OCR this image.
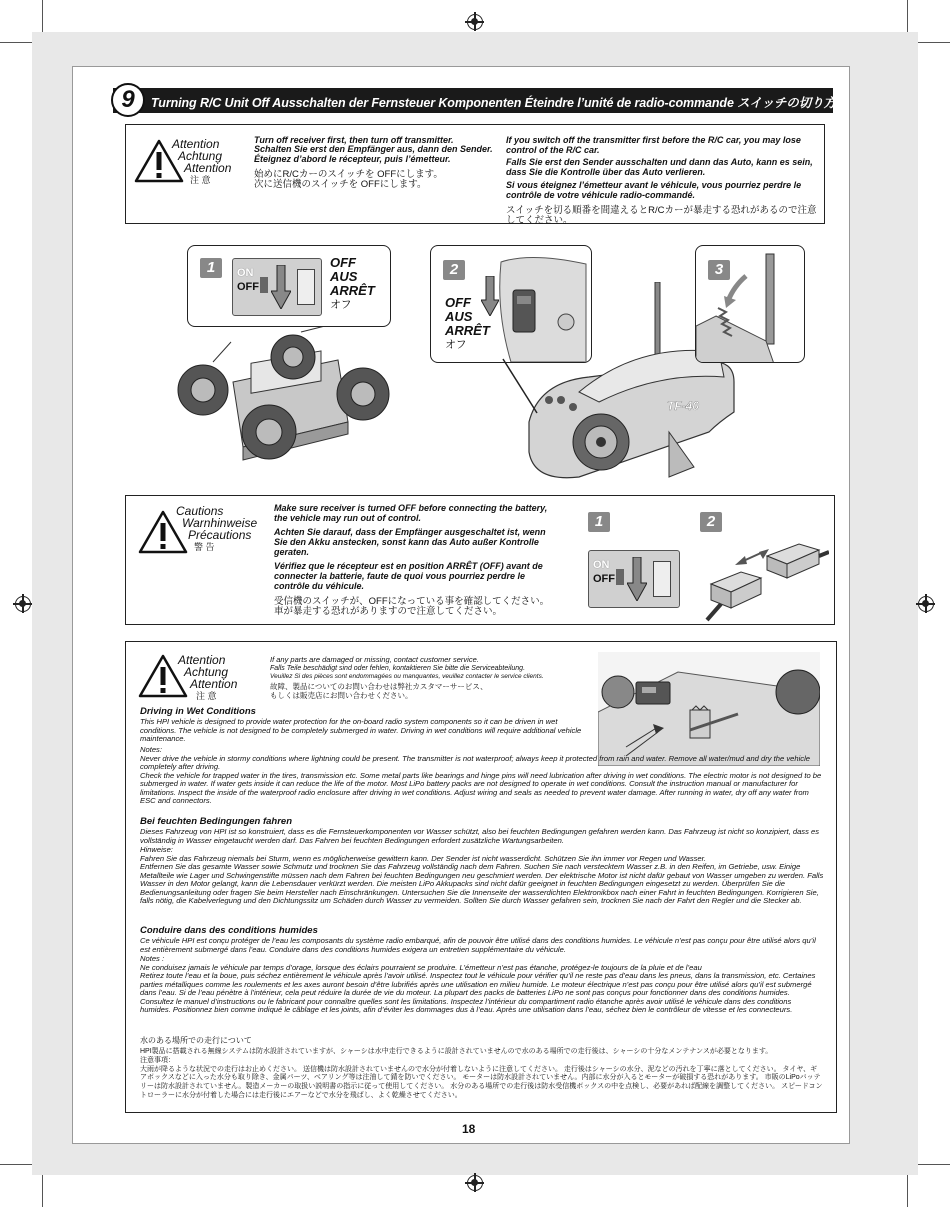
9	Turning R/C Unit Off Ausschalten der Fernsteuer Komponenten Éteindre l’unité de radio-commande スイッチの切り方
Attention
Achtung
Attention
注 意
Turn off receiver first, then turn off transmitter.
Schalten Sie erst den Empfänger aus, dann den Sender.
Éteignez d’abord le récepteur, puis l’émetteur.
始めにR/Cカーのスイッチを OFFにします。
次に送信機のスイッチを OFFにします。
If you switch off the transmitter first before the R/C car, you may lose control of the R/C car.
Falls Sie erst den Sender ausschalten und dann das Auto, kann es sein, dass Sie die Kontrolle über das Auto verlieren.
Si vous éteignez l’émetteur avant le véhicule, vous pourriez perdre le contrôle de votre véhicule radio-commandé.
スイッチを切る順番を間違えるとR/Cカーが暴走する恐れがあるので注意してください。
1	ON
OFF
OFF
AUS
ARRÊT
オフ
2
OFF
AUS
ARRÊT
オフ
TF-40
3
Cautions
Warnhinweise
Précautions
警 告
Make sure receiver is turned OFF before connecting the battery, the vehicle may run out of control.
Achten Sie darauf, dass der Empfänger ausgeschaltet ist, wenn Sie den Akku anstecken, sonst kann das Auto außer Kontrolle geraten.
Vérifiez que le récepteur est en position ARRÊT (OFF) avant de connecter la batterie, faute de quoi vous pourriez perdre le contrôle du véhicule.
受信機のスイッチが、OFFになっている事を確認してください。
車が暴走する恐れがありますので注意してください。
1	2
ON
OFF
Attention
Achtung
Attention
注 意
If any parts are damaged or missing, contact customer service.
Falls Teile beschädigt sind oder fehlen, kontaktieren Sie bitte die Serviceabteilung.
Veuillez Si des pièces sont endommagées ou manquantes, veuillez contacter le service clients.
故障、製品についてのお問い合わせは弊社カスタマーサービス、
もしくは販売店にお問い合わせください。
Driving in Wet Conditions
This HPI vehicle is designed to provide water protection for the on-board radio system components so it can be driven in wet conditions. The vehicle is not designed to be completely submerged in water. Driving in wet conditions will require additional vehicle maintenance.
Notes:
Never drive the vehicle in stormy conditions where lightning could be present. The transmitter is not waterproof; always keep it protected from rain and water. Remove all water/mud and dry the vehicle completely after driving.
Check the vehicle for trapped water in the tires, transmission etc. Some metal parts like bearings and hinge pins will need lubrication after driving in wet conditions. The electric motor is not designed to be submerged in water. If water gets inside it can reduce the life of the motor. Most LiPo battery packs are not designed to operate in wet conditions. Consult the instruction manual or manufacturer for limitations. Inspect the inside of the waterproof radio enclosure after driving in wet conditions. Adjust wiring and seals as needed to prevent water damage. After running in water, dry off any water from ESC and connectors.
Bei feuchten Bedingungen fahren
Dieses Fahrzeug von HPI ist so konstruiert, dass es die Fernsteuerkomponenten vor Wasser schützt, also bei feuchten Bedingungen gefahren werden kann. Das Fahrzeug ist nicht so konzipiert, dass es vollständig in Wasser eingetaucht werden darf. Das Fahren bei feuchten Bedingungen erfordert zusätzliche Wartungsarbeiten.
Hinweise:
Fahren Sie das Fahrzeug niemals bei Sturm, wenn es möglicherweise gewittern kann. Der Sender ist nicht wasserdicht. Schützen Sie ihn immer vor Regen und Wasser.
Entfernen Sie das gesamte Wasser sowie Schmutz und trocknen Sie das Fahrzeug vollständig nach dem Fahren. Suchen Sie nach verstecktem Wasser z.B. in den Reifen, im Getriebe, usw. Einige Metallteile wie Lager und Schwingenstifte müssen nach dem Fahren bei feuchten Bedingungen neu geschmiert werden. Der elektrische Motor ist nicht dafür gebaut von Wasser umgeben zu werden. Falls Wasser in den Motor gelangt, kann die Lebensdauer verkürzt werden. Die meisten LiPo Akkupacks sind nicht dafür geeignet in feuchten Bedingungen eingesetzt zu werden. Überprüfen Sie die Bedienungsanleitung oder fragen Sie beim Hersteller nach Einschränkungen. Untersuchen Sie die Innenseite der wasserdichten Elektronikbox nach einer Fahrt in feuchten Bedingungen. Korrigieren Sie, falls nötig, die Kabelverlegung und den Dichtungssitz um Schäden durch Wasser zu vermeiden. Sollten Sie durch Wasser gefahren sein, trocknen Sie nach der Fahrt den Regler und die Stecker ab.
Conduire dans des conditions humides
Ce véhicule HPI est conçu protéger de l’eau les composants du système radio embarqué, afin de pouvoir être utilisé dans des conditions humides. Le véhicule n’est pas conçu pour être utilisé alors qu’il est entièrement submergé dans l’eau. Conduire dans des conditions humides exigera un entretien supplémentaire du véhicule.
Notes :
Ne conduisez jamais le véhicule par temps d’orage, lorsque des éclairs pourraient se produire. L’émetteur n’est pas étanche, protégez-le toujours de la pluie et de l’eau
Retirez toute l’eau et la boue, puis séchez entièrement le véhicule après l’avoir utilisé. Inspectez tout le véhicule pour vérifier qu’il ne reste pas d’eau dans les pneus, dans la transmission, etc. Certaines parties métalliques comme les roulements et les axes auront besoin d’être lubrifiés après une utilisation en milieu humide. Le moteur électrique n’est pas conçu pour être utilisé alors qu’il est submergé dans l’eau. Si de l’eau pénètre à l’intérieur, cela peut réduire la durée de vie du moteur. La plupart des packs de batteries LiPo ne sont pas conçus pour fonctionner dans des conditions humides. Consultez le manuel d’instructions ou le fabricant pour connaître quelles sont les limitations. Inspectez l’intérieur du compartiment radio étanche après avoir utilisé le véhicule dans des conditions humides. Positionnez bien comme indiqué le câblage et les joints, afin d’éviter les dommages dus à l’eau. Après une utilisation dans l’eau, séchez bien le contrôleur de vitesse et les connecteurs.
水のある場所での走行について
HPI製品に搭載される無線システムは防水設計されていますが、シャーシは水中走行できるように設計されていませんので水のある場所での走行後は、シャーシの十分なメンテナンスが必要となります。
注意事項：
大雨が降るような状況での走行はお止めください。 送信機は防水設計されていませんので水分が付着しないように注意してください。 走行後はシャーシの水分、泥などの汚れを丁寧に落としてください。 タイヤ、ギアボックスなどに入った水分も取り除き、金属パーツ、ベアリング等は注油して錆を防いでください。 モーターは防水設計されていません。内部に水分が入るとモーターが破損する恐れがあります。 市販のLiPoバッテリーは防水設計されていません。製造メーカーの取扱い説明書の指示に従って使用してください。 水分のある場所での走行後は防水受信機ボックスの中を点検し、必要があれば配線を調整してください。 スピードコントローラーに水分が付着した場合には走行後にエアーなどで水分を飛ばし、よく乾燥させてください。
18
